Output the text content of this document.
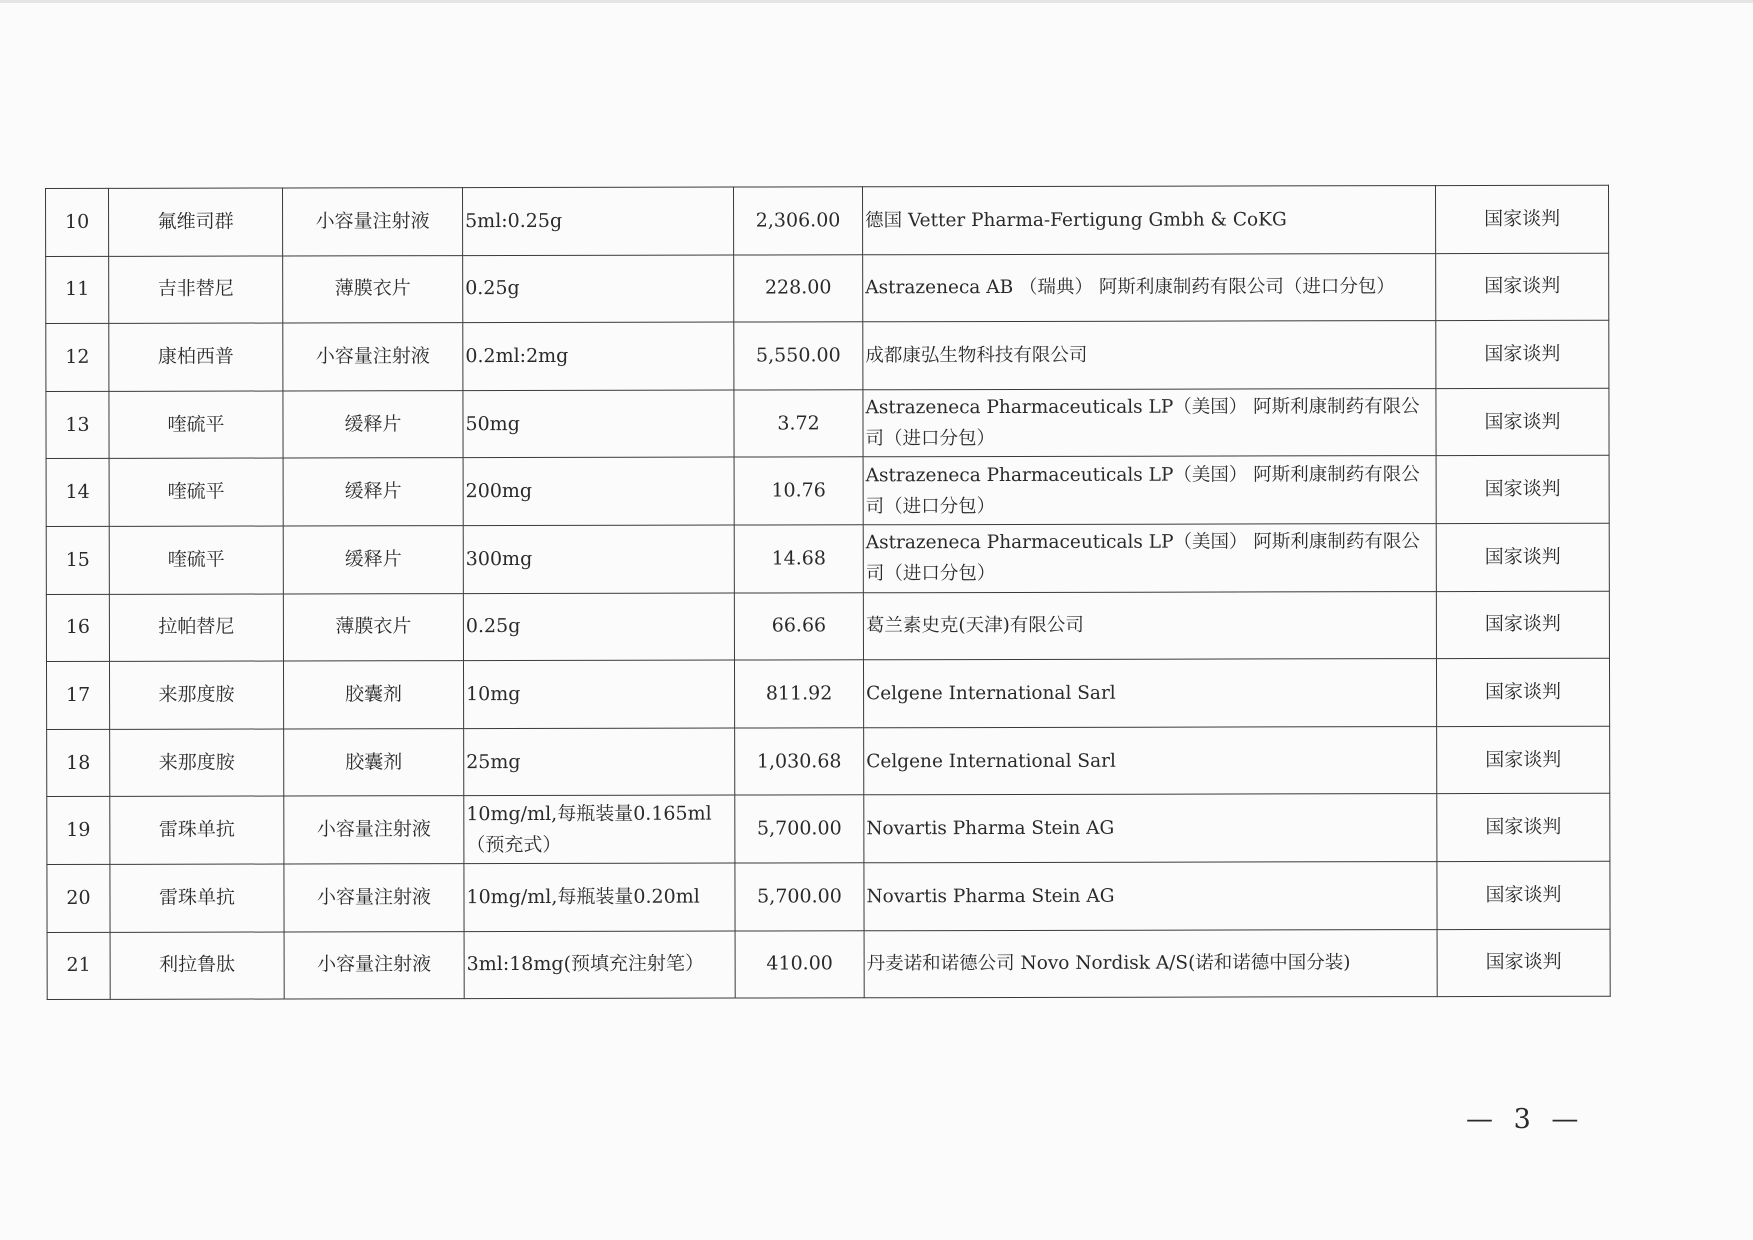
10	氟维司群	小容量注射液	5ml:0.25g	2,306.00	德国 Vetter Pharma-Fertigung Gmbh & CoKG	国家谈判
11	吉非替尼	薄膜衣片	0.25g	228.00	Astrazeneca AB （瑞典） 阿斯利康制药有限公司（进口分包）	国家谈判
12	康柏西普	小容量注射液	0.2ml:2mg	5,550.00	成都康弘生物科技有限公司	国家谈判
13	喹硫平	缓释片	50mg	3.72	Astrazeneca Pharmaceuticals LP（美国） 阿斯利康制药有限公司（进口分包）	国家谈判
14	喹硫平	缓释片	200mg	10.76	Astrazeneca Pharmaceuticals LP（美国） 阿斯利康制药有限公司（进口分包）	国家谈判
15	喹硫平	缓释片	300mg	14.68	Astrazeneca Pharmaceuticals LP（美国） 阿斯利康制药有限公司（进口分包）	国家谈判
16	拉帕替尼	薄膜衣片	0.25g	66.66	葛兰素史克(天津)有限公司	国家谈判
17	来那度胺	胶囊剂	10mg	811.92	Celgene International Sarl	国家谈判
18	来那度胺	胶囊剂	25mg	1,030.68	Celgene International Sarl	国家谈判
19	雷珠单抗	小容量注射液	10mg/ml,每瓶装量0.165ml（预充式）	5,700.00	Novartis Pharma Stein AG	国家谈判
20	雷珠单抗	小容量注射液	10mg/ml,每瓶装量0.20ml	5,700.00	Novartis Pharma Stein AG	国家谈判
21	利拉鲁肽	小容量注射液	3ml:18mg(预填充注射笔）	410.00	丹麦诺和诺德公司 Novo Nordisk A/S(诺和诺德中国分装)	国家谈判
— 3 —
